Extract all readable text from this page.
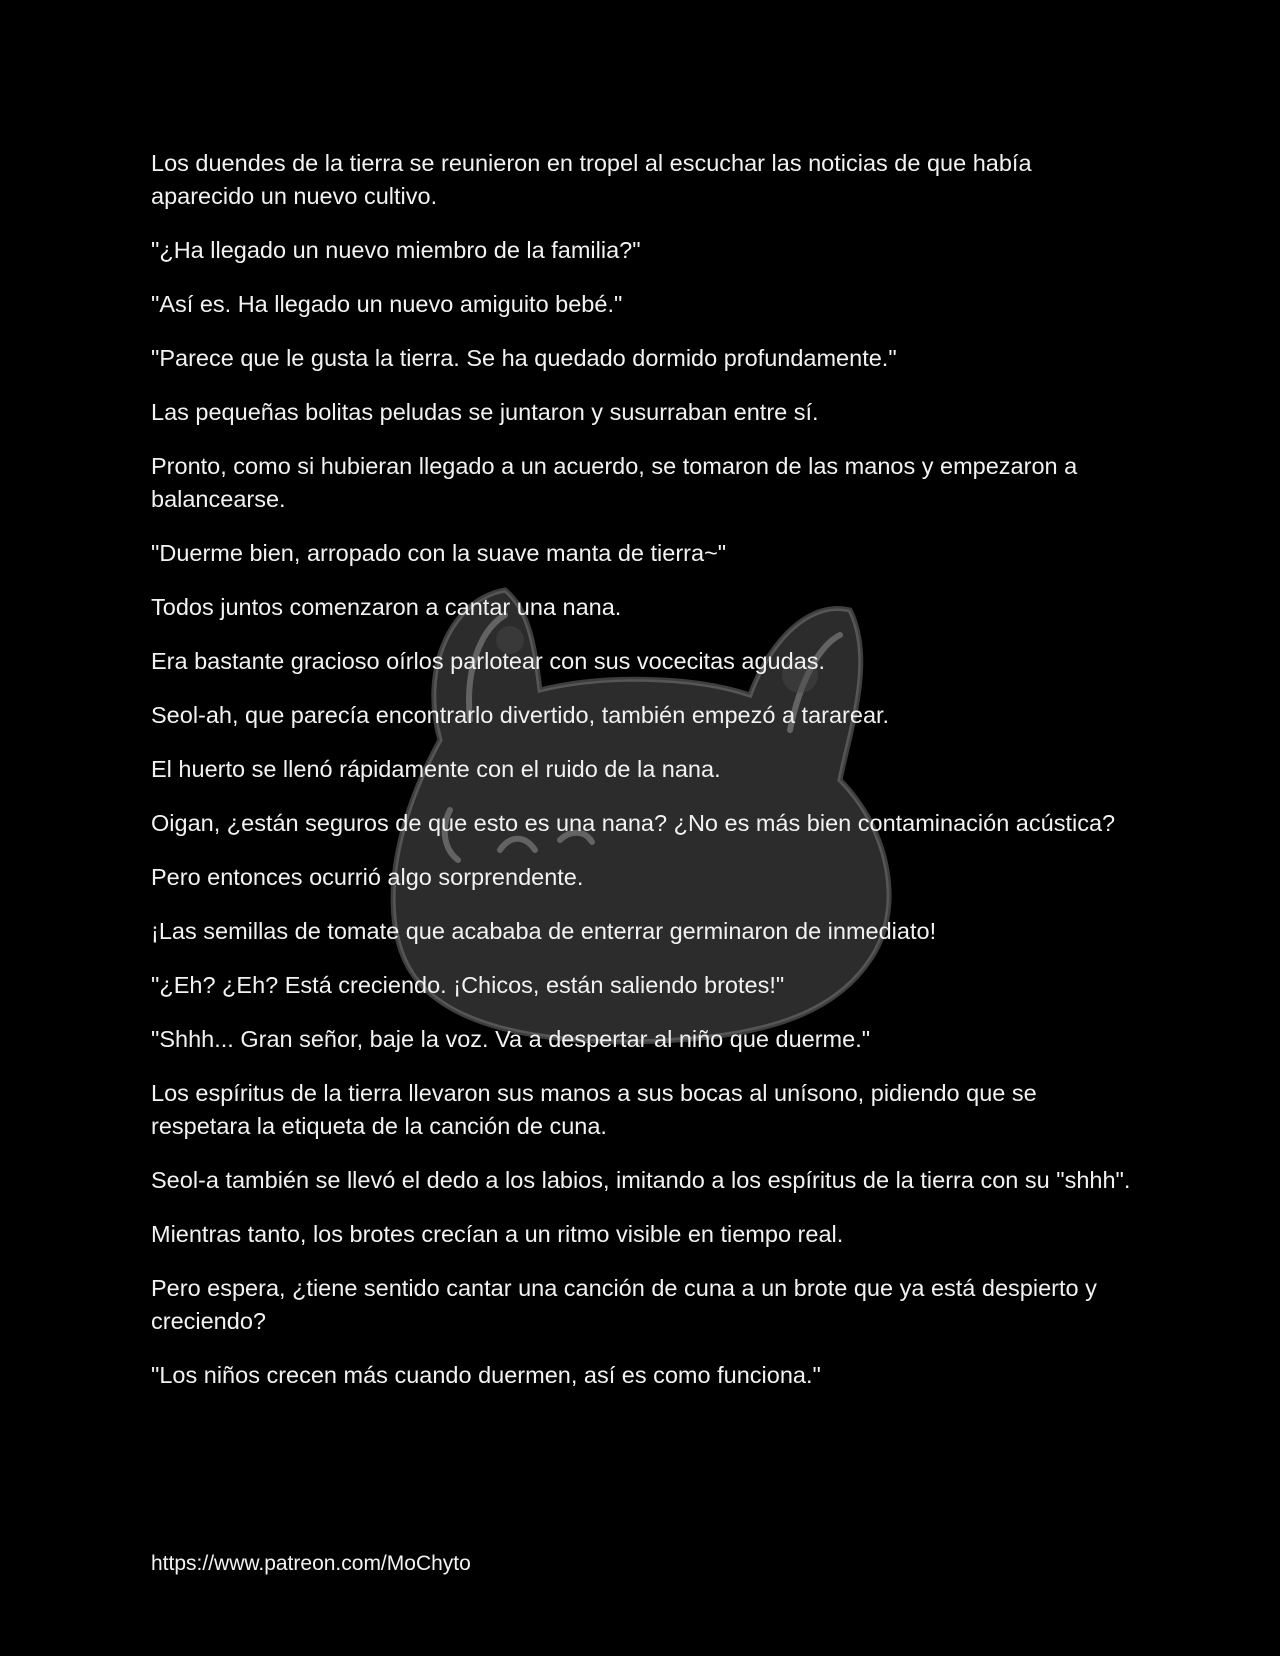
Los duendes de la tierra se reunieron en tropel al escuchar las noticias de que había aparecido un nuevo cultivo.

"¿Ha llegado un nuevo miembro de la familia?"

"Así es. Ha llegado un nuevo amiguito bebé."

"Parece que le gusta la tierra. Se ha quedado dormido profundamente."

Las pequeñas bolitas peludas se juntaron y susurraban entre sí.

Pronto, como si hubieran llegado a un acuerdo, se tomaron de las manos y empezaron a balancearse.

"Duerme bien, arropado con la suave manta de tierra~"

Todos juntos comenzaron a cantar una nana.

Era bastante gracioso oírlos parlotear con sus vocecitas agudas.

Seol-ah, que parecía encontrarlo divertido, también empezó a tararear.

El huerto se llenó rápidamente con el ruido de la nana.

Oigan, ¿están seguros de que esto es una nana? ¿No es más bien contaminación acústica?

Pero entonces ocurrió algo sorprendente.

¡Las semillas de tomate que acababa de enterrar germinaron de inmediato!

"¿Eh? ¿Eh? Está creciendo. ¡Chicos, están saliendo brotes!"

"Shhh... Gran señor, baje la voz. Va a despertar al niño que duerme."

Los espíritus de la tierra llevaron sus manos a sus bocas al unísono, pidiendo que se respetara la etiqueta de la canción de cuna.

Seol-a también se llevó el dedo a los labios, imitando a los espíritus de la tierra con su "shhh".

Mientras tanto, los brotes crecían a un ritmo visible en tiempo real.

Pero espera, ¿tiene sentido cantar una canción de cuna a un brote que ya está despierto y creciendo?

"Los niños crecen más cuando duermen, así es como funciona."

https://www.patreon.com/MoChyto
